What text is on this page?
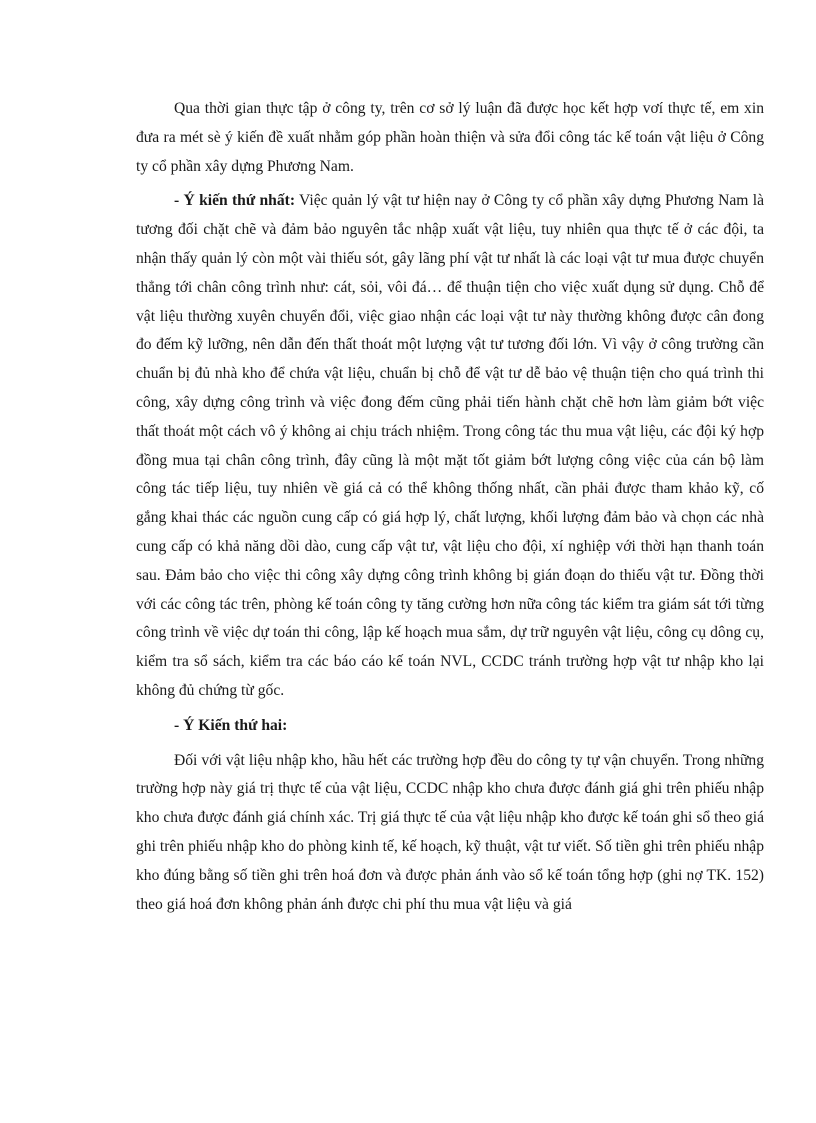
Qua thời gian thực tập ở công ty, trên cơ sở lý luận đã được học kết hợp vơí thực tế, em xin đưa ra mét sè ý kiến đề xuất nhằm góp phần hoàn thiện và sửa đổi công tác kế toán vật liệu ở Công ty cổ phần xây dựng Phương Nam.

- Ý kiến thứ nhất: Việc quản lý vật tư hiện nay ở Công ty cổ phần xây dựng Phương Nam là tương đối chặt chẽ và đảm bảo nguyên tắc nhập xuất vật liệu, tuy nhiên qua thực tế ở các đội, ta nhận thấy quản lý còn một vài thiếu sót, gây lãng phí vật tư nhất là các loại vật tư mua được chuyển thẳng tới chân công trình như: cát, sỏi, vôi đá… để thuận tiện cho việc xuất dụng sử dụng. Chỗ để vật liệu thường xuyên chuyển đổi, việc giao nhận các loại vật tư này thường không được cân đong đo đếm kỹ lưỡng, nên dẫn đến thất thoát một lượng vật tư tương đối lớn. Vì vậy ở công trường cần chuẩn bị đủ nhà kho để chứa vật liệu, chuẩn bị chỗ để vật tư dễ bảo vệ thuận tiện cho quá trình thi công, xây dựng công trình và việc đong đếm cũng phải tiến hành chặt chẽ hơn làm giảm bớt việc thất thoát một cách vô ý không ai chịu trách nhiệm. Trong công tác thu mua vật liệu, các đội ký hợp đồng mua tại chân công trình, đây cũng là một mặt tốt giảm bớt lượng công việc của cán bộ làm công tác tiếp liệu, tuy nhiên về giá cả có thể không thống nhất, cần phải được tham khảo kỹ, cố gắng khai thác các nguồn cung cấp có giá hợp lý, chất lượng, khối lượng đảm bảo và chọn các nhà cung cấp có khả năng dồi dào, cung cấp vật tư, vật liệu cho đội, xí nghiệp với thời hạn thanh toán sau. Đảm bảo cho việc thi công xây dựng công trình không bị gián đoạn do thiếu vật tư. Đồng thời với các công tác trên, phòng kế toán công ty tăng cường hơn nữa công tác kiểm tra giám sát tới từng công trình về việc dự toán thi công, lập kế hoạch mua sắm, dự trữ nguyên vật liệu, công cụ dông cụ, kiểm tra sổ sách, kiểm tra các báo cáo kế toán NVL, CCDC tránh trường hợp vật tư nhập kho lại không đủ chứng từ gốc.

- Ý Kiến thứ hai:

Đối với vật liệu nhập kho, hầu hết các trường hợp đều do công ty tự vận chuyển. Trong những trường hợp này giá trị thực tế của vật liệu, CCDC nhập kho chưa được đánh giá ghi trên phiếu nhập kho chưa được đánh giá chính xác. Trị giá thực tế của vật liệu nhập kho được kế toán ghi sổ theo giá ghi trên phiếu nhập kho do phòng kinh tế, kế hoạch, kỹ thuật, vật tư viết. Số tiền ghi trên phiếu nhập kho đúng bằng số tiền ghi trên hoá đơn và được phản ánh vào sổ kế toán tổng hợp (ghi nợ TK. 152) theo giá hoá đơn không phản ánh được chi phí thu mua vật liệu và giá
